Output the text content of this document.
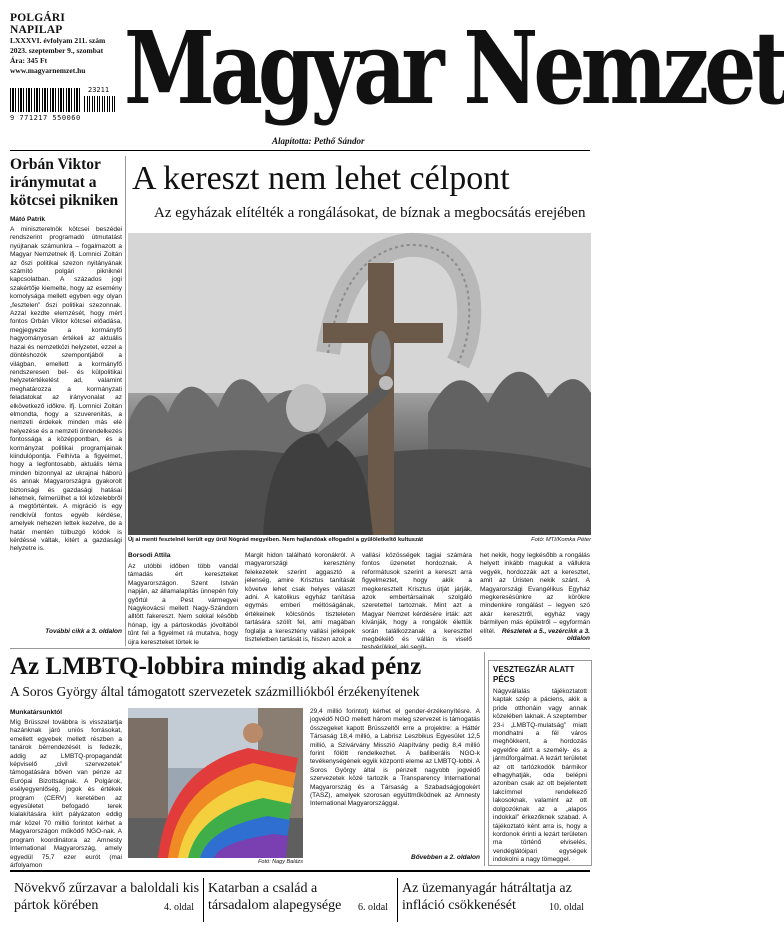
POLGÁRI NAPILAP
LXXXVI. évfolyam 211. szám
2023. szeptember 9., szombat
Ára: 345 Ft
www.magyarnemzet.hu
23211
9 771217 550060 Magyar Nemzet
Alapította: Pethő Sándor
Orbán Viktor iránymutat a kötcsei pikniken
Mátó Patrik
A miniszterelnök kötcsei beszédei rendszerint programadó útmutatást nyújtanak számunkra – fogalmazott a Magyar Nemzetnek ifj. Lomnici Zoltán az őszi politikai szezon nyitányának számító polgári pikniknél kapcsolatban. A százados jogi szakértője kiemelte, hogy az esemény komolysága mellett egyben egy olyan „fesztelen” őszi politikai szezonnak. Azzal kezdte elemzését, hogy mért fontos Orbán Viktor kötcsei előadása, megjegyezte a kormányfő hagyományosan értékeli az aktuális hazai és nemzetközi helyzetet, ezzel a döntéshozók szempontjából a világban, emellett a kormányfő rendszeresen bel- és külpolitikai helyzetértékelést ad, valamint meghatározza a kormányzati feladatokat az irányvonalat az elkövetkező időkre. Ifj. Lomnici Zoltán elmondta, hogy a szuverenitás, a nemzeti érdekek minden más elé helyezése és a nemzeti önrendelkezés fontossága a középpontban, és a kormányzat politikai programjainak kiindulópontja. Felhívta a figyelmet, hogy a legfontosabb, aktuális téma minden bizonnyal az ukrajnai háború és annak Magyarországra gyakorolt biztonsági és gazdasági hatásai lehetnek, felmerülhet a tól közelebbről a megtörténtek. A migráció is egy rendkívül fontos egyéb kérdése, amelyek nehezen lettek kezelve, de a határ mentén túlbuzgó kódok is kérdéssé váltak, kitért a gazdasági helyzetre is.
További cikk a 3. oldalon
A kereszt nem lehet célpont
Az egyházak elítélték a rongálásokat, de bíznak a megbocsátás erejében
Fotó: MTI/Komka Péter
Új ai menti fesztelnél került egy ürül Nógrád megyében. Nem hajlandóak elfogadni a gyűlöletkeltő kultuszát
Borsodi Attila
Az utóbbi időben több vandál támadás ért kereszteket Magyarországon. Szent István napján, az államalapítás ünnepén foly győrtúl a Pest vármegyei Nagykovácsi mellett Nagy-Szándorn alltött fakereszt. Nem sokkal később hónap, így a pártoskodás jóvoltából tűnt fel a figyelmet rá mutatva, hogy újra kereszteket törtek le
Margit hidon található koronákról. A magyarországi keresztény felekezetek szerint aggasztó a jelenség, amire Krisztus tanítását követve lehet csak helyes választ adni. A katolikus egyház tanítása egymás emberi méltóságának, értékeinek kölcsönös tiszteleten tartására szólít fel, ami magában foglalja a keresztény vallási jelképek tiszteletben tartását is, hiszen azok a
vallási közösségek tagjai számára fontos üzenetet hordoznak. A reformátusok szerint a kereszt arra figyelmeztet, hogy akik a megkeresztelt Krisztus útját járják, azok embertársainak szolgáló szeretettel tartoznak. Mint azt a Magyar Nemzet kérdésére írták: azt kívánják, hogy a rongálók élettük során találkozzanak a kereszttel megbékélő és vállán is viselő testvérükkel, aki segít-
het nekik, hogy legkésőbb a rongálás helyett inkább magukat a vállukra vegyék, hordozzák azt a keresztet, amit az Úristen nekik szánt. A Magyarországi Evangélikus Egyház megkeresésünkre az körökre mindenkire rongálást – legyen szó akár keresztről, egyház vagy bármilyen más épületről – egyformán elítél. Részletek a 5., vezércikk a 3. oldalon
Az LMBTQ-lobbira mindig akad pénz
A Soros György által támogatott szervezetek százmilliókból érzékenyítenek
Munkatársunktól
Míg Brüsszel továbbra is visszatartja hazánknak járó uniós forrásokat, emellett egyebek mellett részben a tanárok bérrendezését is fedezik, addig az LMBTQ-propagandát képviselő „civil szervezetek” támogatására bőven van pénze az Európai Bizottságnak. A Polgárok, esélyegyenlőség, jogok és értékek program (CERV) keretében az egyesületet befogadó terek kialakítására kiírt pályázaton eddig már közel 70 millió forintot kérhet a Magyarországon működő NGO-nak. A program koordinátora az Amnesty International Magyarország, amely egyedül 75,7 ezer eurót (mai árfolyamon	Fotó: Nagy Balázs
29,4 millió forintot) kérhet el gender-érzékenyítésre. A jogvédő NGO mellett három meleg szervezet is támogatás összegeket kapott Brüsszeltől erre a projektre: a Háttér Társaság 18,4 millió, a Labrisz Leszbikus Egyesület 12,5 millió, a Szivárvány Misszió Alapítvány pedig 8,4 millió forint fölött rendelkezhet. A balliberális NGO-k tevékenységének egyik központi eleme az LMBTQ-lobbi. A Soros György által is pénzelt nagyobb jogvédő szervezetek közé tartozik a Transparency International Magyarország és a Társaság a Szabadságjogokért (TASZ), amelyek szorosan együttműködnek az Amnesty International Magyarországgal.
Bővebben a 2. oldalon
VESZTEGZÁR ALATT PÉCS
Nágyvállalás tájékoztatott kaptak szép a páciens, akik a pride otthonáin vagy annak közelében laknak. A szeptember 23-i „LMBTQ-mulatság” miatt mondhatni a fél város meghökkent, a hordozás egyelőre átírt a személy- és a járműforgalmat. A lezárt területet az ott tartózkodók bármikor elhagyhatják, oda belépni azonban csak az ott bejelentett lakcímmel rendelkező lakosoknak, valamint az ott dolgozóknak az a „alapos indokkal” érkezőknek szabad. A tájékoztató ként arra is, hogy a kordonok érinti a lezárt területen ma történő elviselés, vendéglátóipari egységek indokolni a nagy tömeggel.
Növekvő zűrzavar a baloldali kis pártok körében	4. oldal
Katarban a család a társadalom alapegysége	6. oldal
Az üzemanyagár hátráltatja az infláció csökkenését	10. oldal
